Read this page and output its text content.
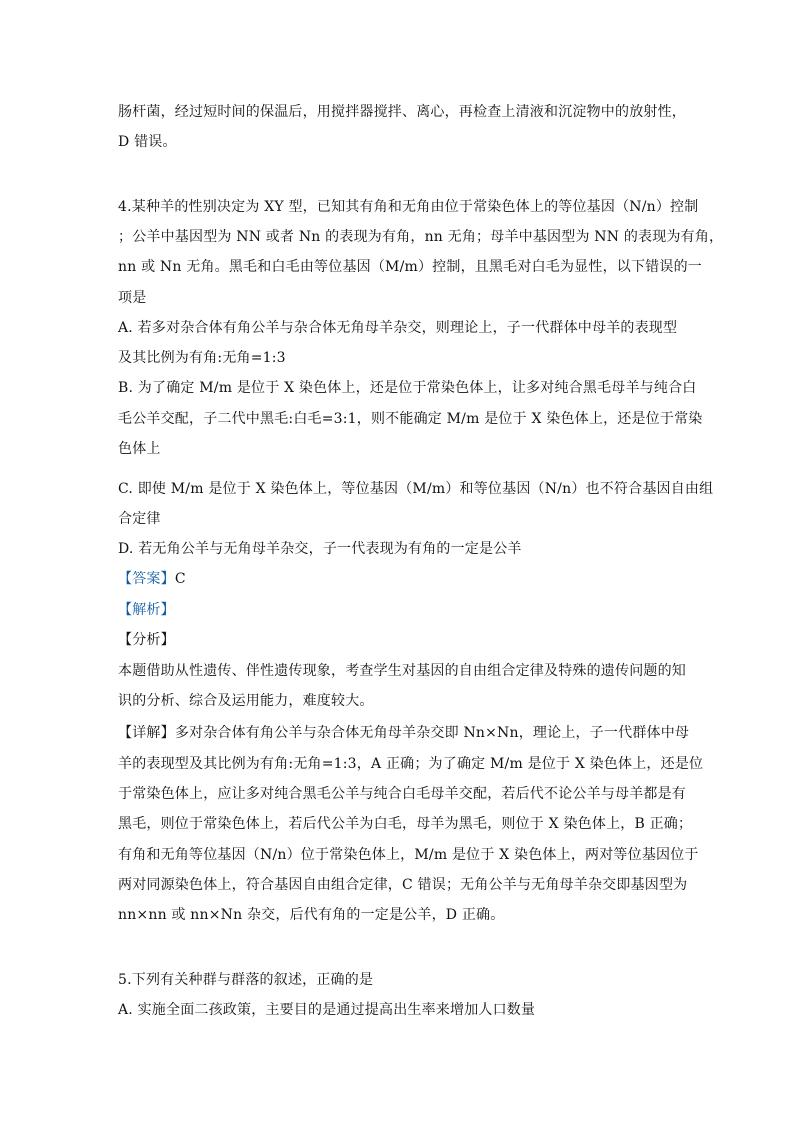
肠杆菌，经过短时间的保温后，用搅拌器搅拌、离心，再检查上清液和沉淀物中的放射性，
D 错误。
4.某种羊的性别决定为 XY 型，已知其有角和无角由位于常染色体上的等位基因（N/n）控制
；公羊中基因型为 NN 或者 Nn 的表现为有角，nn 无角；母羊中基因型为 NN 的表现为有角，
nn 或 Nn 无角。黑毛和白毛由等位基因（M/m）控制，且黑毛对白毛为显性，以下错误的一
项是
A. 若多对杂合体有角公羊与杂合体无角母羊杂交，则理论上，子一代群体中母羊的表现型
及其比例为有角:无角=1:3
B. 为了确定 M/m 是位于 X 染色体上，还是位于常染色体上，让多对纯合黑毛母羊与纯合白
毛公羊交配，子二代中黑毛:白毛=3:1，则不能确定 M/m 是位于 X 染色体上，还是位于常染
色体上
C. 即使 M/m 是位于 X 染色体上，等位基因（M/m）和等位基因（N/n）也不符合基因自由组
合定律
D. 若无角公羊与无角母羊杂交，子一代表现为有角的一定是公羊
【答案】C
【解析】
【分析】
本题借助从性遗传、伴性遗传现象，考查学生对基因的自由组合定律及特殊的遗传问题的知
识的分析、综合及运用能力，难度较大。
【详解】多对杂合体有角公羊与杂合体无角母羊杂交即 Nn×Nn，理论上，子一代群体中母
羊的表现型及其比例为有角:无角=1:3，A 正确；为了确定 M/m 是位于 X 染色体上，还是位
于常染色体上，应让多对纯合黑毛公羊与纯合白毛母羊交配，若后代不论公羊与母羊都是有
黑毛，则位于常染色体上，若后代公羊为白毛，母羊为黑毛，则位于 X 染色体上，B 正确；
有角和无角等位基因（N/n）位于常染色体上，M/m 是位于 X 染色体上，两对等位基因位于
两对同源染色体上，符合基因自由组合定律，C 错误；无角公羊与无角母羊杂交即基因型为
nn×nn 或 nn×Nn 杂交，后代有角的一定是公羊，D 正确。
5.下列有关种群与群落的叙述，正确的是
A. 实施全面二孩政策，主要目的是通过提高出生率来增加人口数量
